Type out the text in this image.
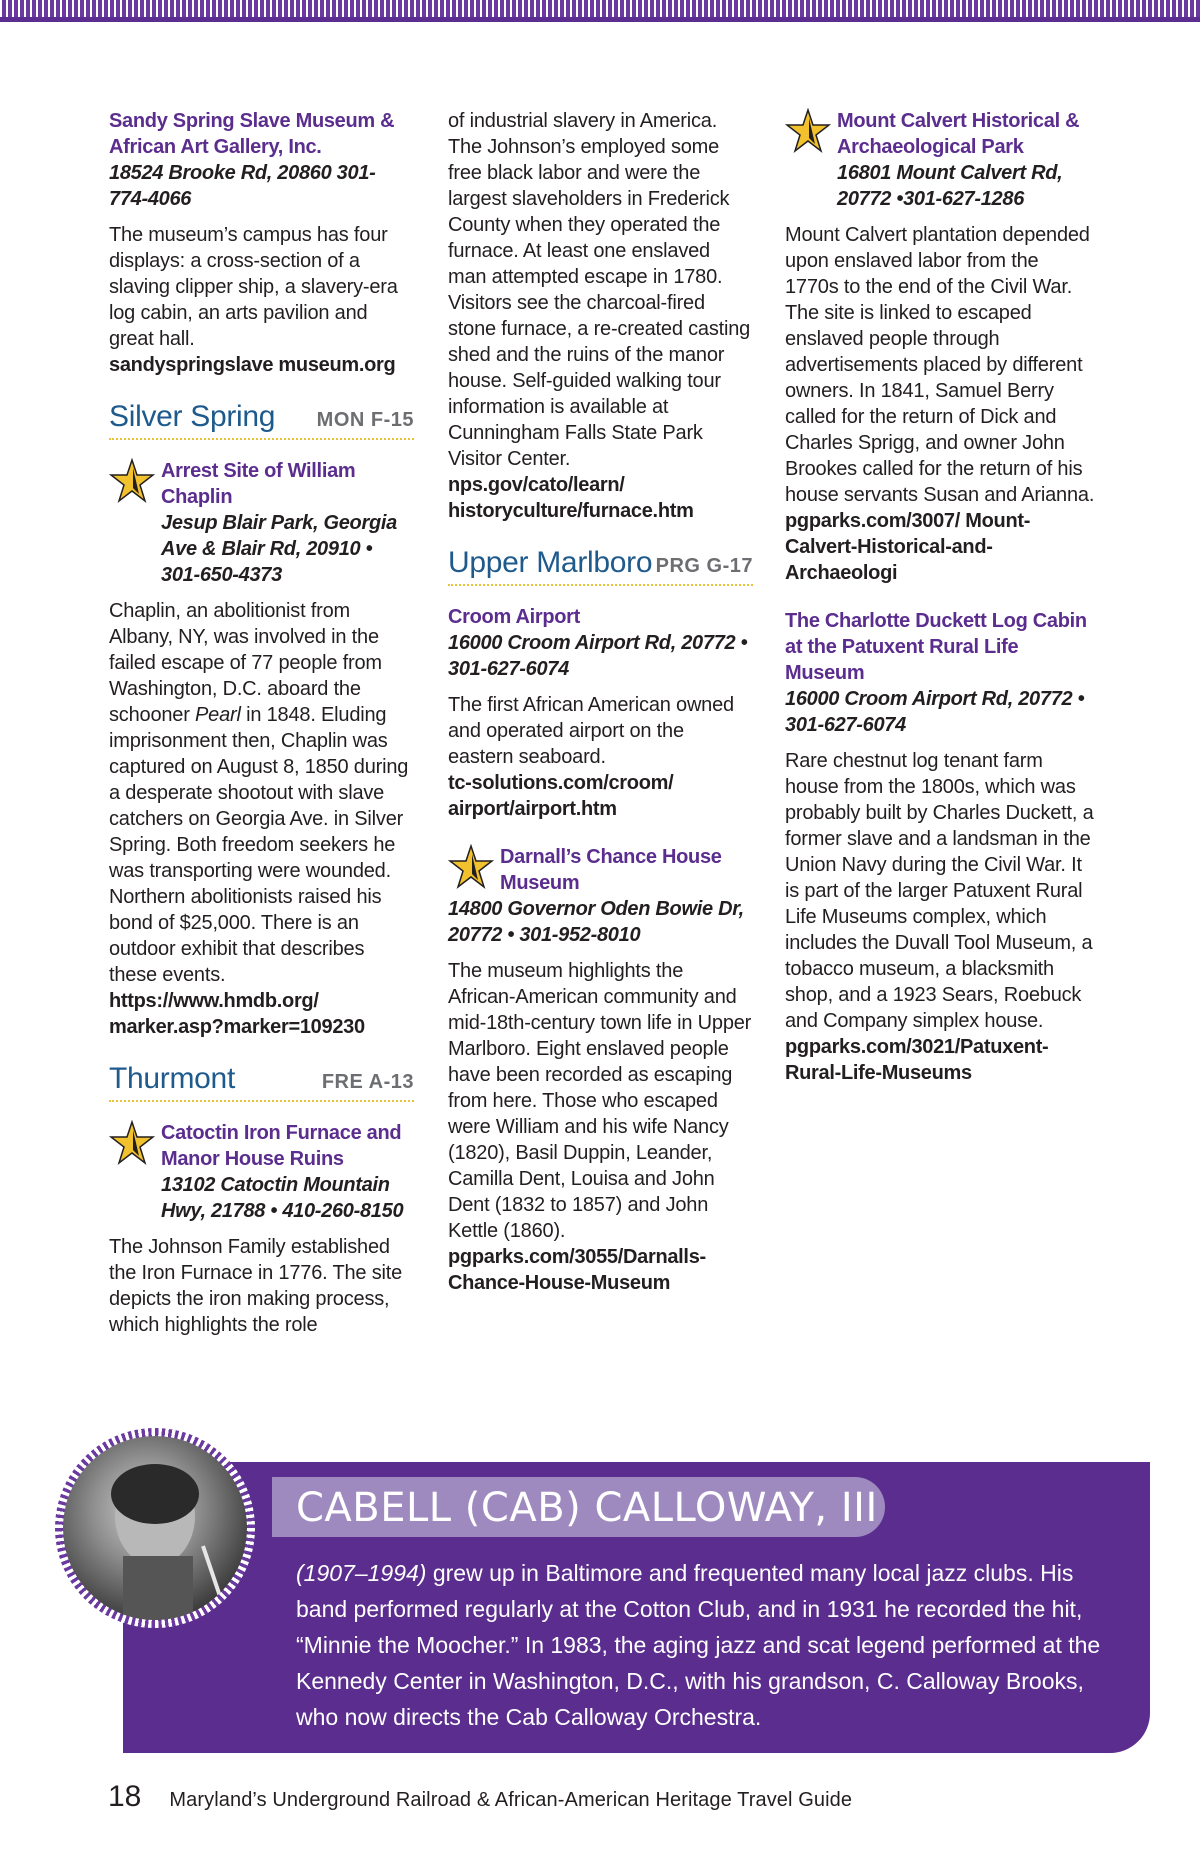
Sandy Spring Slave Museum & African Art Gallery, Inc.

18524 Brooke Rd, 20860 301-774-4066

The museum’s campus has four displays: a cross-section of a slaving clipper ship, a slavery-era log cabin, an arts pavilion and great hall.

sandyspringslave museum.org

Silver Spring MON F-15

Arrest Site of William Chaplin

Jesup Blair Park, Georgia Ave & Blair Rd, 20910 • 301-650-4373

Chaplin, an abolitionist from Albany, NY, was involved in the failed escape of 77 people from Washington, D.C. aboard the schooner Pearl in 1848. Eluding imprisonment then, Chaplin was captured on August 8, 1850 during a desperate shootout with slave catchers on Georgia Ave. in Silver Spring. Both freedom seekers he was transporting were wounded. Northern abolitionists raised his bond of $25,000. There is an outdoor exhibit that describes these events.

https://www.hmdb.org/ marker.asp?marker=109230

Thurmont	FRE A-13

Catoctin Iron Furnace and Manor House Ruins

13102 Catoctin Mountain Hwy, 21788 • 410-260-8150

The Johnson Family established the Iron Furnace in 1776. The site depicts the iron making process, which highlights the role

of industrial slavery in America. The Johnson’s employed some free black labor and were the largest slaveholders in Frederick County when they operated the furnace. At least one enslaved man attempted escape in 1780. Visitors see the charcoal-fired stone furnace, a re-created casting shed and the ruins of the manor house. Self-guided walking tour information is available at Cunningham Falls State Park Visitor Center.

nps.gov/cato/learn/ historyculture/furnace.htm

Upper Marlboro PRG G-17

Croom Airport

16000 Croom Airport Rd, 20772 • 301-627-6074

The first African American owned and operated airport on the eastern seaboard.

tc-solutions.com/croom/ airport/airport.htm

Darnall’s Chance House Museum

14800 Governor Oden Bowie Dr, 20772 • 301-952-8010

The museum highlights the African-American community and mid-18th-century town life in Upper Marlboro. Eight enslaved people have been recorded as escaping from here. Those who escaped were William and his wife Nancy (1820), Basil Duppin, Leander, Camilla Dent, Louisa and John Dent (1832 to 1857) and John Kettle (1860).

pgparks.com/3055/Darnalls-Chance-House-Museum

Mount Calvert Historical & Archaeological Park

16801 Mount Calvert Rd, 20772 •301-627-1286

Mount Calvert plantation depended upon enslaved labor from the 1770s to the end of the Civil War. The site is linked to escaped enslaved people through advertisements placed by different owners. In 1841, Samuel Berry called for the return of Dick and Charles Sprigg, and owner John Brookes called for the return of his house servants Susan and Arianna.

pgparks.com/3007/ Mount-Calvert-Historical-and-Archaeologi

The Charlotte Duckett Log Cabin at the Patuxent Rural Life Museum

16000 Croom Airport Rd, 20772 • 301-627-6074

Rare chestnut log tenant farm house from the 1800s, which was probably built by Charles Duckett, a former slave and a landsman in the Union Navy during the Civil War. It is part of the larger Patuxent Rural Life Museums complex, which includes the Duvall Tool Museum, a tobacco museum, a blacksmith shop, and a 1923 Sears, Roebuck and Company simplex house.

pgparks.com/3021/Patuxent-Rural-Life-Museums

CABELL (CAB) CALLOWAY, III

(1907–1994) grew up in Baltimore and frequented many local jazz clubs. His band performed regularly at the Cotton Club, and in 1931 he recorded the hit, “Minnie the Moocher.” In 1983, the aging jazz and scat legend performed at the Kennedy Center in Washington, D.C., with his grandson, C. Calloway Brooks, who now directs the Cab Calloway Orchestra.

18 Maryland’s Underground Railroad & African-American Heritage Travel Guide
